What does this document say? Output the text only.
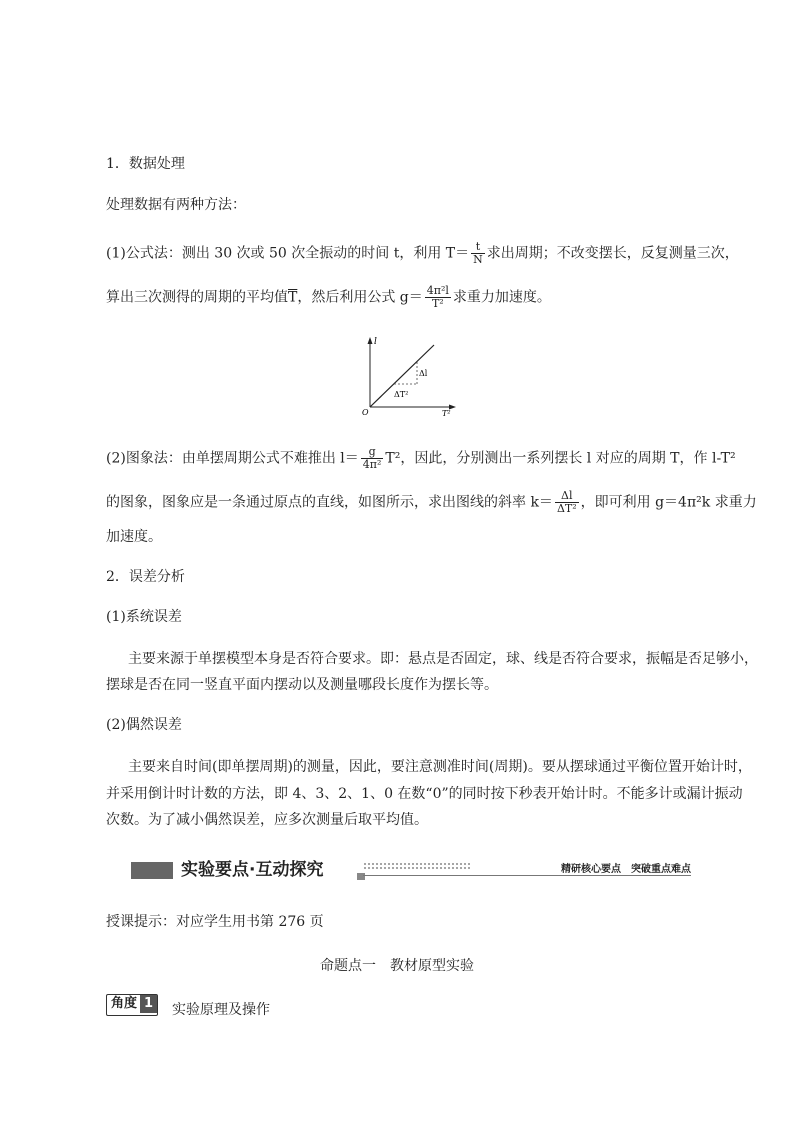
1．数据处理
处理数据有两种方法：
(1)公式法：测出 30 次或 50 次全振动的时间 t，利用 $T= \frac{t}{N}$ 求出周期；不改变摆长，反复测量三次，
算出三次测得的周期的平均值$\overline{T}$，然后利用公式 $g= \frac{\text{4π²l}}{\text{T²}}$ 求重力加速度。
l
T²
O
Δl
ΔT²
(2)图象法：由单摆周期公式不难推出 $l= \frac{g}{\text{4π²}} T^2$，因此，分别测出一系列摆长 l 对应的周期 T，作 l-T²
的图象，图象应是一条通过原点的直线，如图所示，求出图线的斜率 $k= \frac{\Delta l}{\text{ΔT²}}$ ，即可利用 g＝4π²k 求重力
加速度。
2．误差分析
(1)系统误差
主要来源于单摆模型本身是否符合要求。即：悬点是否固定，球、线是否符合要求，振幅是否足够小，
摆球是否在同一竖直平面内摆动以及测量哪段长度作为摆长等。
(2)偶然误差
主要来自时间(即单摆周期)的测量，因此，要注意测准时间(周期)。要从摆球通过平衡位置开始计时，
并采用倒计时计数的方法，即 4、3、2、1、0 在数“0”的同时按下秒表开始计时。不能多计或漏计振动
次数。为了减小偶然误差，应多次测量后取平均值。
实验要点·互动探究	精研核心要点　突破重点难点
授课提示：对应学生用书第 276 页
命题点一　教材原型实验
角度 1	实验原理及操作
